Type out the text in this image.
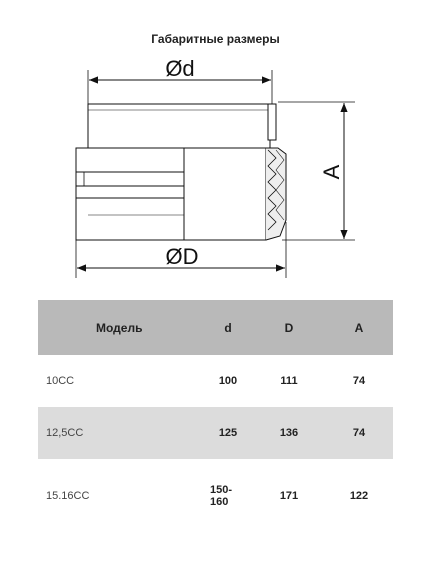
Габаритные размеры
Ød
A
ØD
Модель	d	D	A
10СС	100	111	74
12,5СС	125	136	74
15.16СС	150-160	171	122
